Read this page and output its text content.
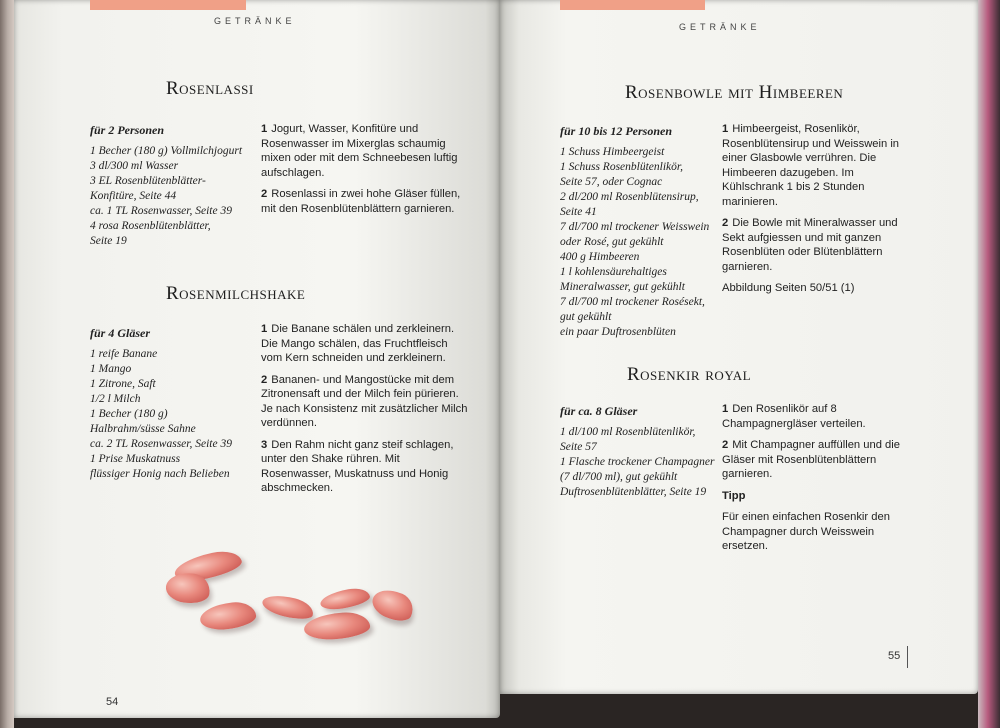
GETRÄNKE
Rosenlassi
für 2 Personen
1 Becher (180 g) Vollmilchjogurt
3 dl/300 ml Wasser
3 EL Rosenblütenblätter-
Konfitüre, Seite 44
ca. 1 TL Rosenwasser, Seite 39
4 rosa Rosenblütenblätter,
Seite 19

1 Jogurt, Wasser, Konfitüre und Rosenwasser im Mixerglas schaumig mixen oder mit dem Schneebesen luftig aufschlagen.

2 Rosenlassi in zwei hohe Gläser füllen, mit den Rosenblütenblättern garnieren.

Rosenmilchshake
für 4 Gläser
1 reife Banane
1 Mango
1 Zitrone, Saft
1/2 l Milch
1 Becher (180 g)
Halbrahm/süsse Sahne
ca. 2 TL Rosenwasser, Seite 39
1 Prise Muskatnuss
flüssiger Honig nach Belieben

1 Die Banane schälen und zerkleinern. Die Mango schälen, das Fruchtfleisch vom Kern schneiden und zerkleinern.

2 Bananen- und Mangostücke mit dem Zitronensaft und der Milch fein pürieren. Je nach Konsistenz mit zusätzlicher Milch verdünnen.

3 Den Rahm nicht ganz steif schlagen, unter den Shake rühren. Mit Rosenwasser, Muskatnuss und Honig abschmecken.

54
GETRÄNKE
Rosenbowle mit Himbeeren
für 10 bis 12 Personen
1 Schuss Himbeergeist
1 Schuss Rosenblütenlikör,
Seite 57, oder Cognac
2 dl/200 ml Rosenblütensirup,
Seite 41
7 dl/700 ml trockener Weisswein
oder Rosé, gut gekühlt
400 g Himbeeren
1 l kohlensäurehaltiges
Mineralwasser, gut gekühlt
7 dl/700 ml trockener Rosésekt,
gut gekühlt
ein paar Duftrosenblüten

1 Himbeergeist, Rosenlikör, Rosenblütensirup und Weisswein in einer Glasbowle verrühren. Die Himbeeren dazugeben. Im Kühlschrank 1 bis 2 Stunden marinieren.

2 Die Bowle mit Mineralwasser und Sekt aufgiessen und mit ganzen Rosenblüten oder Blütenblättern garnieren.

Abbildung Seiten 50/51 (1)

Rosenkir royal
für ca. 8 Gläser
1 dl/100 ml Rosenblütenlikör,
Seite 57
1 Flasche trockener Champagner
(7 dl/700 ml), gut gekühlt
Duftrosenblütenblätter, Seite 19

1 Den Rosenlikör auf 8 Champagnergläser verteilen.

2 Mit Champagner auffüllen und die Gläser mit Rosenblütenblättern garnieren.

Tipp

Für einen einfachen Rosenkir den Champagner durch Weisswein ersetzen.

55
